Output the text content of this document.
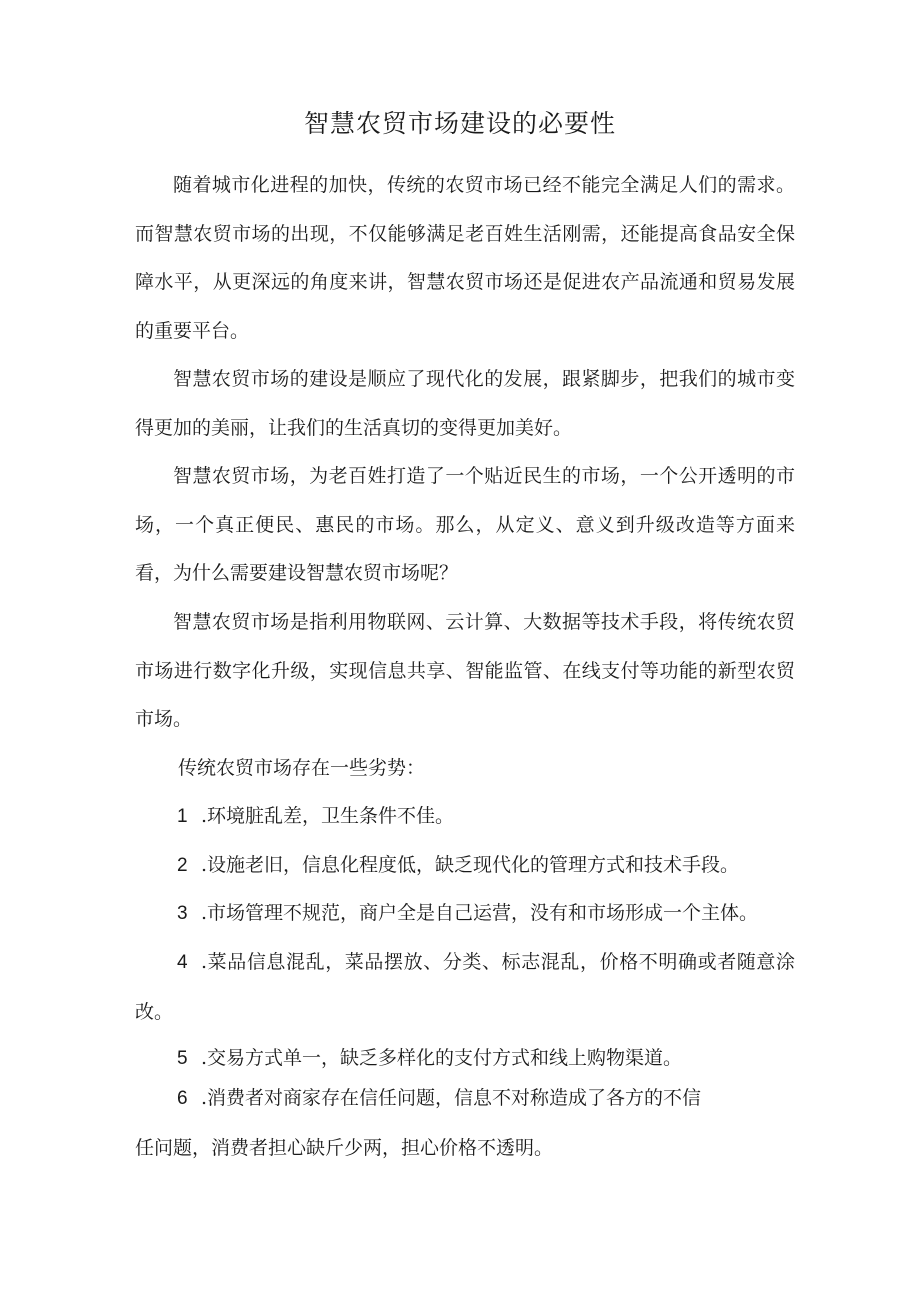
智慧农贸市场建设的必要性

随着城市化进程的加快，传统的农贸市场已经不能完全满足人们的需求。而智慧农贸市场的出现，不仅能够满足老百姓生活刚需，还能提高食品安全保障水平，从更深远的角度来讲，智慧农贸市场还是促进农产品流通和贸易发展的重要平台。

智慧农贸市场的建设是顺应了现代化的发展，跟紧脚步，把我们的城市变得更加的美丽，让我们的生活真切的变得更加美好。

智慧农贸市场，为老百姓打造了一个贴近民生的市场，一个公开透明的市场，一个真正便民、惠民的市场。那么，从定义、意义到升级改造等方面来看，为什么需要建设智慧农贸市场呢？

智慧农贸市场是指利用物联网、云计算、大数据等技术手段，将传统农贸市场进行数字化升级，实现信息共享、智能监管、在线支付等功能的新型农贸市场。

传统农贸市场存在一些劣势：

1 .环境脏乱差，卫生条件不佳。

2 .设施老旧，信息化程度低，缺乏现代化的管理方式和技术手段。

3 .市场管理不规范，商户全是自己运营，没有和市场形成一个主体。

4 .菜品信息混乱，菜品摆放、分类、标志混乱，价格不明确或者随意涂改。

5 .交易方式单一，缺乏多样化的支付方式和线上购物渠道。

6 .消费者对商家存在信任问题，信息不对称造成了各方的不信
任问题，消费者担心缺斤少两，担心价格不透明。
